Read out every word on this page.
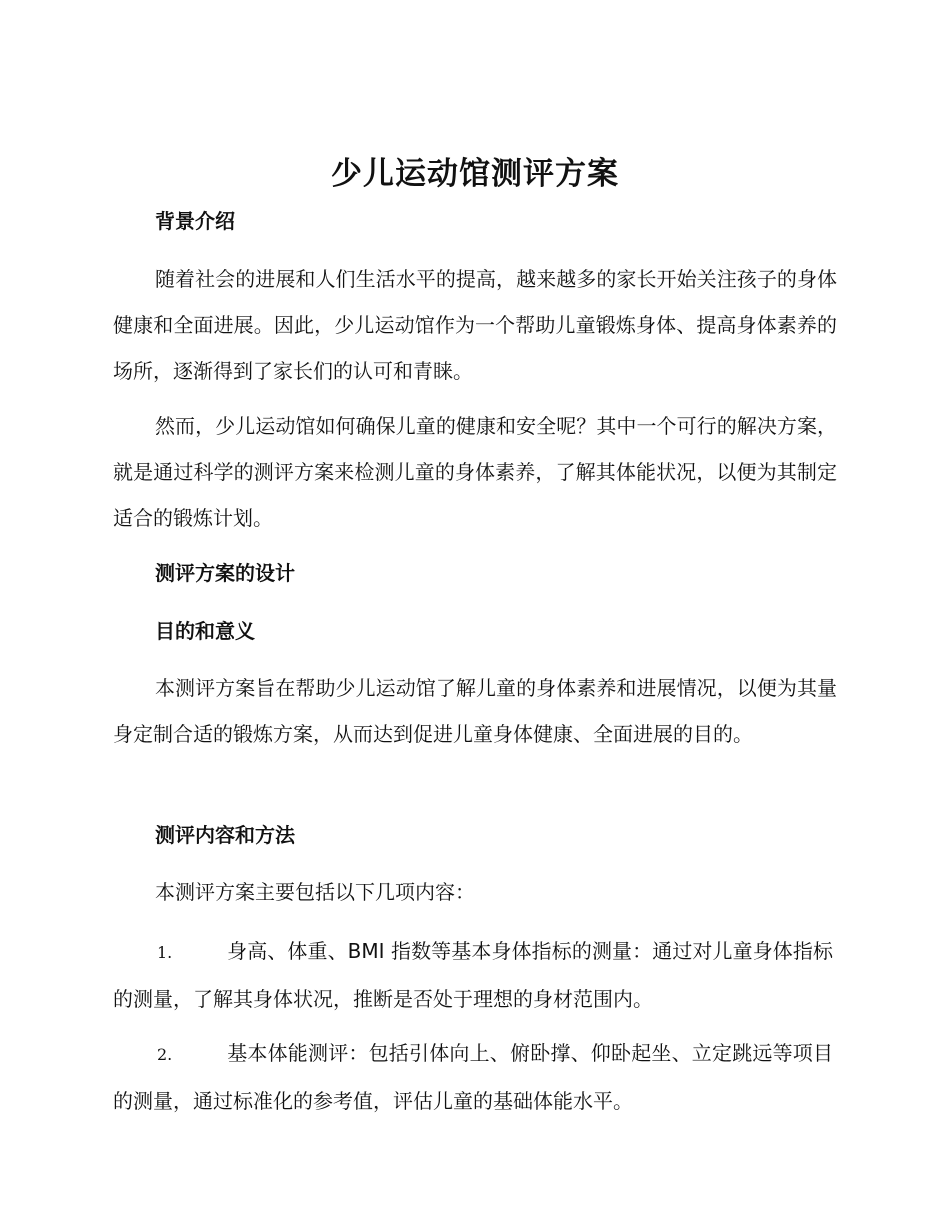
少儿运动馆测评方案

背景介绍

随着社会的进展和人们生活水平的提高，越来越多的家长开始关注孩子的身体健康和全面进展。因此，少儿运动馆作为一个帮助儿童锻炼身体、提高身体素养的场所，逐渐得到了家长们的认可和青睐。

然而，少儿运动馆如何确保儿童的健康和安全呢？其中一个可行的解决方案，就是通过科学的测评方案来检测儿童的身体素养，了解其体能状况，以便为其制定适合的锻炼计划。

测评方案的设计

目的和意义

本测评方案旨在帮助少儿运动馆了解儿童的身体素养和进展情况，以便为其量身定制合适的锻炼方案，从而达到促进儿童身体健康、全面进展的目的。

测评内容和方法

本测评方案主要包括以下几项内容：

1.	身高、体重、BMI 指数等基本身体指标的测量：通过对儿童身体指标的测量，了解其身体状况，推断是否处于理想的身材范围内。

2.	基本体能测评：包括引体向上、俯卧撑、仰卧起坐、立定跳远等项目的测量，通过标准化的参考值，评估儿童的基础体能水平。
